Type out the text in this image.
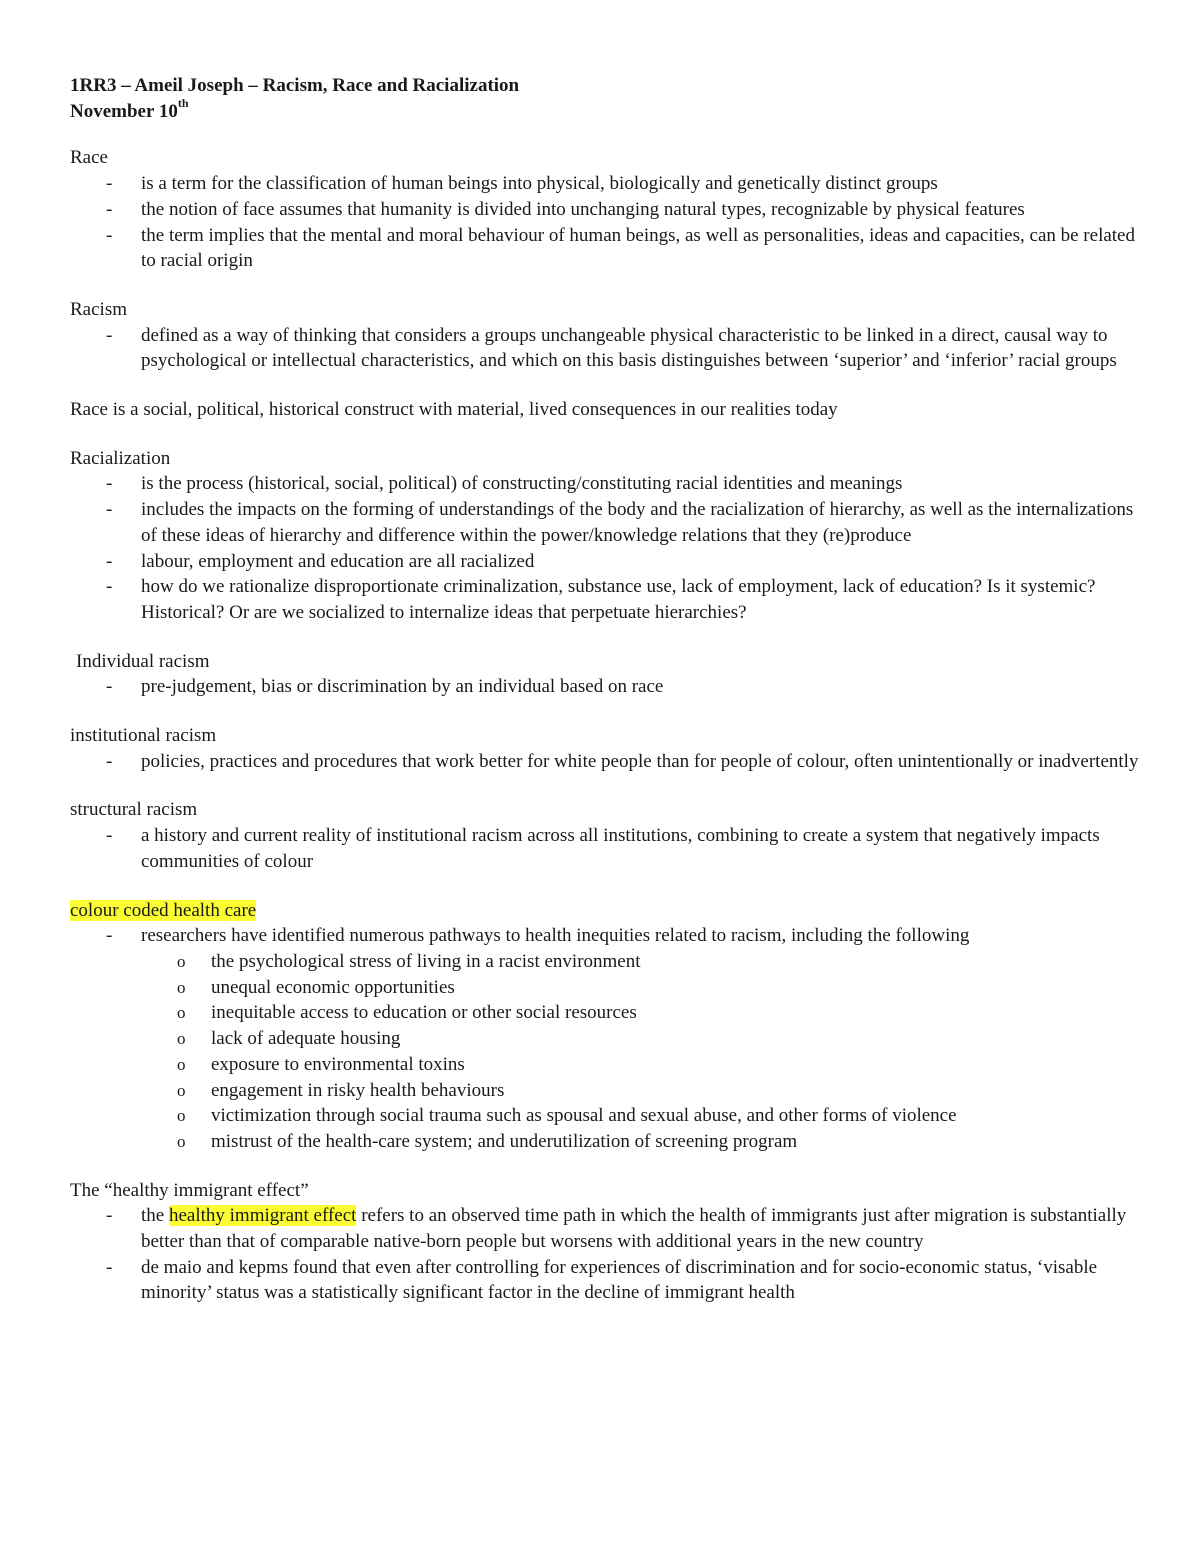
1RR3 – Ameil Joseph – Racism, Race and Racialization
November 10th
Race
- is a term for the classification of human beings into physical, biologically and genetically distinct groups
- the notion of face assumes that humanity is divided into unchanging natural types, recognizable by physical features
- the term implies that the mental and moral behaviour of human beings, as well as personalities, ideas and capacities, can be related to racial origin
Racism
- defined as a way of thinking that considers a groups unchangeable physical characteristic to be linked in a direct, causal way to psychological or intellectual characteristics, and which on this basis distinguishes between ‘superior’ and ‘inferior’ racial groups
Race is a social, political, historical construct with material, lived consequences in our realities today
Racialization
- is the process (historical, social, political) of constructing/constituting racial identities and meanings
- includes the impacts on the forming of understandings of the body and the racialization of hierarchy, as well as the internalizations of these ideas of hierarchy and difference within the power/knowledge relations that they (re)produce
- labour, employment and education are all racialized
- how do we rationalize disproportionate criminalization, substance use, lack of employment, lack of education? Is it systemic? Historical? Or are we socialized to internalize ideas that perpetuate hierarchies?
Individual racism
- pre-judgement, bias or discrimination by an individual based on race
institutional racism
- policies, practices and procedures that work better for white people than for people of colour, often unintentionally or inadvertently
structural racism
- a history and current reality of institutional racism across all institutions, combining to create a system that negatively impacts communities of colour
colour coded health care
- researchers have identified numerous pathways to health inequities related to racism, including the following
o the psychological stress of living in a racist environment
o unequal economic opportunities
o inequitable access to education or other social resources
o lack of adequate housing
o exposure to environmental toxins
o engagement in risky health behaviours
o victimization through social trauma such as spousal and sexual abuse, and other forms of violence
o mistrust of the health-care system; and underutilization of screening program
The “healthy immigrant effect”
- the healthy immigrant effect refers to an observed time path in which the health of immigrants just after migration is substantially better than that of comparable native-born people but worsens with additional years in the new country
- de maio and kepms found that even after controlling for experiences of discrimination and for socio-economic status, ‘visable minority’ status was a statistically significant factor in the decline of immigrant health
